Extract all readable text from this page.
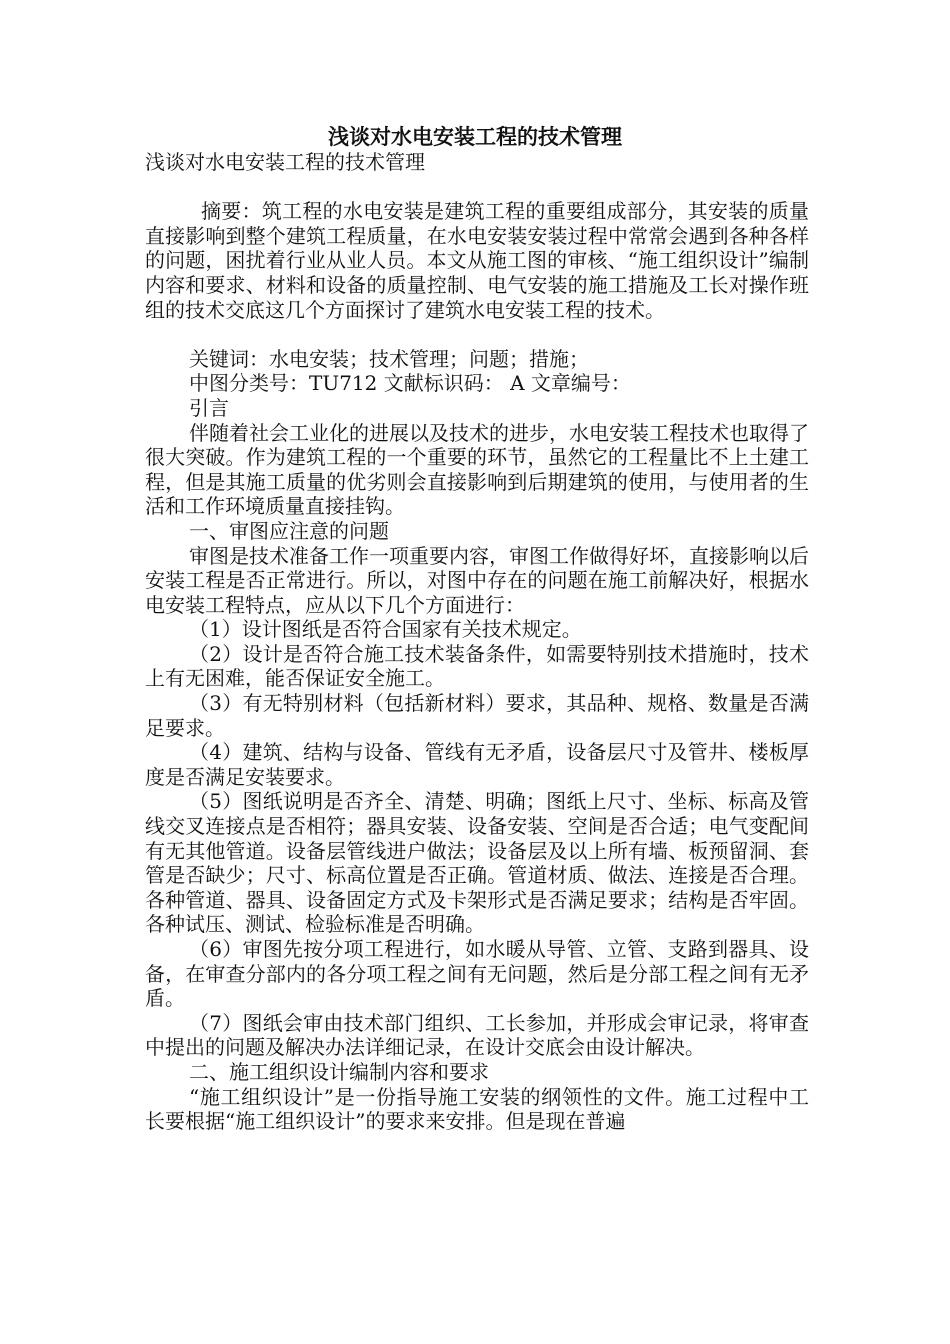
浅谈对水电安装工程的技术管理

浅谈对水电安装工程的技术管理

摘要：筑工程的水电安装是建筑工程的重要组成部分，其安装的质量直接影响到整个建筑工程质量，在水电安装安装过程中常常会遇到各种各样的问题，困扰着行业从业人员。本文从施工图的审核、“施工组织设计”编制内容和要求、材料和设备的质量控制、电气安装的施工措施及工长对操作班组的技术交底这几个方面探讨了建筑水电安装工程的技术。

关键词：水电安装；技术管理；问题；措施；

中图分类号：TU712 文献标识码： A 文章编号：

引言

伴随着社会工业化的进展以及技术的进步，水电安装工程技术也取得了很大突破。作为建筑工程的一个重要的环节，虽然它的工程量比不上土建工程，但是其施工质量的优劣则会直接影响到后期建筑的使用，与使用者的生活和工作环境质量直接挂钩。

一、审图应注意的问题

审图是技术准备工作一项重要内容，审图工作做得好坏，直接影响以后安装工程是否正常进行。所以，对图中存在的问题在施工前解决好，根据水电安装工程特点，应从以下几个方面进行：

（1）设计图纸是否符合国家有关技术规定。

（2）设计是否符合施工技术装备条件，如需要特别技术措施时，技术上有无困难，能否保证安全施工。

（3）有无特别材料（包括新材料）要求，其品种、规格、数量是否满足要求。

（4）建筑、结构与设备、管线有无矛盾，设备层尺寸及管井、楼板厚度是否满足安装要求。

（5）图纸说明是否齐全、清楚、明确；图纸上尺寸、坐标、标高及管线交叉连接点是否相符；器具安装、设备安装、空间是否合适；电气变配间有无其他管道。设备层管线进户做法；设备层及以上所有墙、板预留洞、套管是否缺少；尺寸、标高位置是否正确。管道材质、做法、连接是否合理。各种管道、器具、设备固定方式及卡架形式是否满足要求；结构是否牢固。各种试压、测试、检验标准是否明确。

（6）审图先按分项工程进行，如水暖从导管、立管、支路到器具、设备，在审查分部内的各分项工程之间有无问题，然后是分部工程之间有无矛盾。

（7）图纸会审由技术部门组织、工长参加，并形成会审记录，将审查中提出的问题及解决办法详细记录，在设计交底会由设计解决。

二、施工组织设计编制内容和要求

“施工组织设计”是一份指导施工安装的纲领性的文件。施工过程中工长要根据“施工组织设计”的要求来安排。但是现在普遍
